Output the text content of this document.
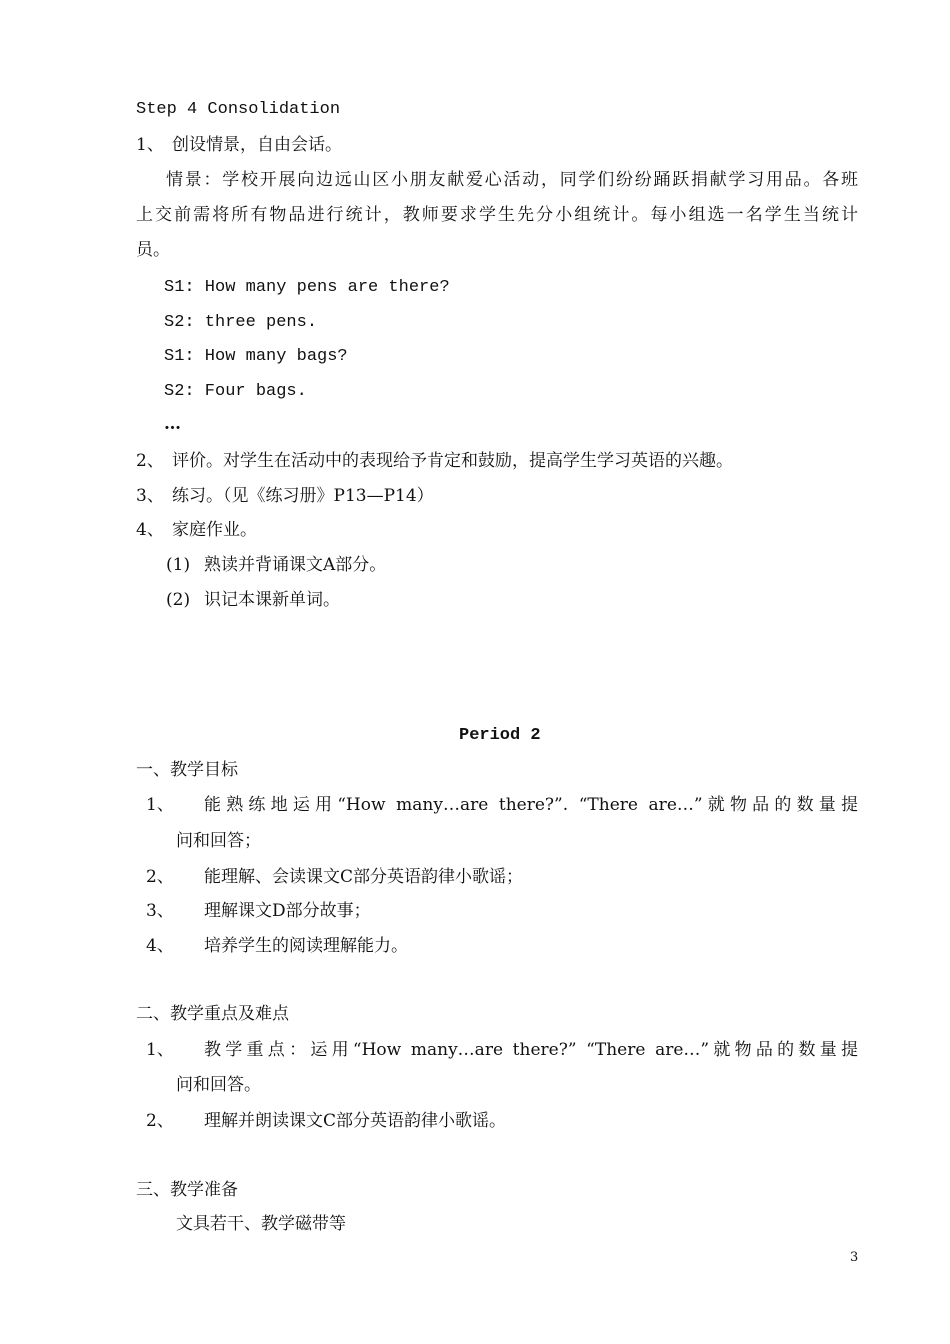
Step 4 Consolidation
1、 创设情景，自由会话。
情景：学校开展向边远山区小朋友献爱心活动，同学们纷纷踊跃捐献学习用品。各班
上交前需将所有物品进行统计，教师要求学生先分小组统计。每小组选一名学生当统计
员。
S1: How many pens are there?
S2: three pens.
S1: How many bags?
S2: Four bags.
…
2、 评价。对学生在活动中的表现给予肯定和鼓励，提高学生学习英语的兴趣。
3、 练习。（见《练习册》P13—P14）
4、 家庭作业。
(1) 熟读并背诵课文A部分。
(2) 识记本课新单词。
Period 2
一、教学目标
1、 能熟练地运用“How many…are there?”. “There are…”就物品的数量提
问和回答；
2、 能理解、会读课文C部分英语韵律小歌谣；
3、 理解课文D部分故事；
4、 培养学生的阅读理解能力。
二、教学重点及难点
1、 教学重点：运用“How many…are there?” “There are…”就物品的数量提
问和回答。
2、 理解并朗读课文C部分英语韵律小歌谣。
三、教学准备
文具若干、教学磁带等
3
